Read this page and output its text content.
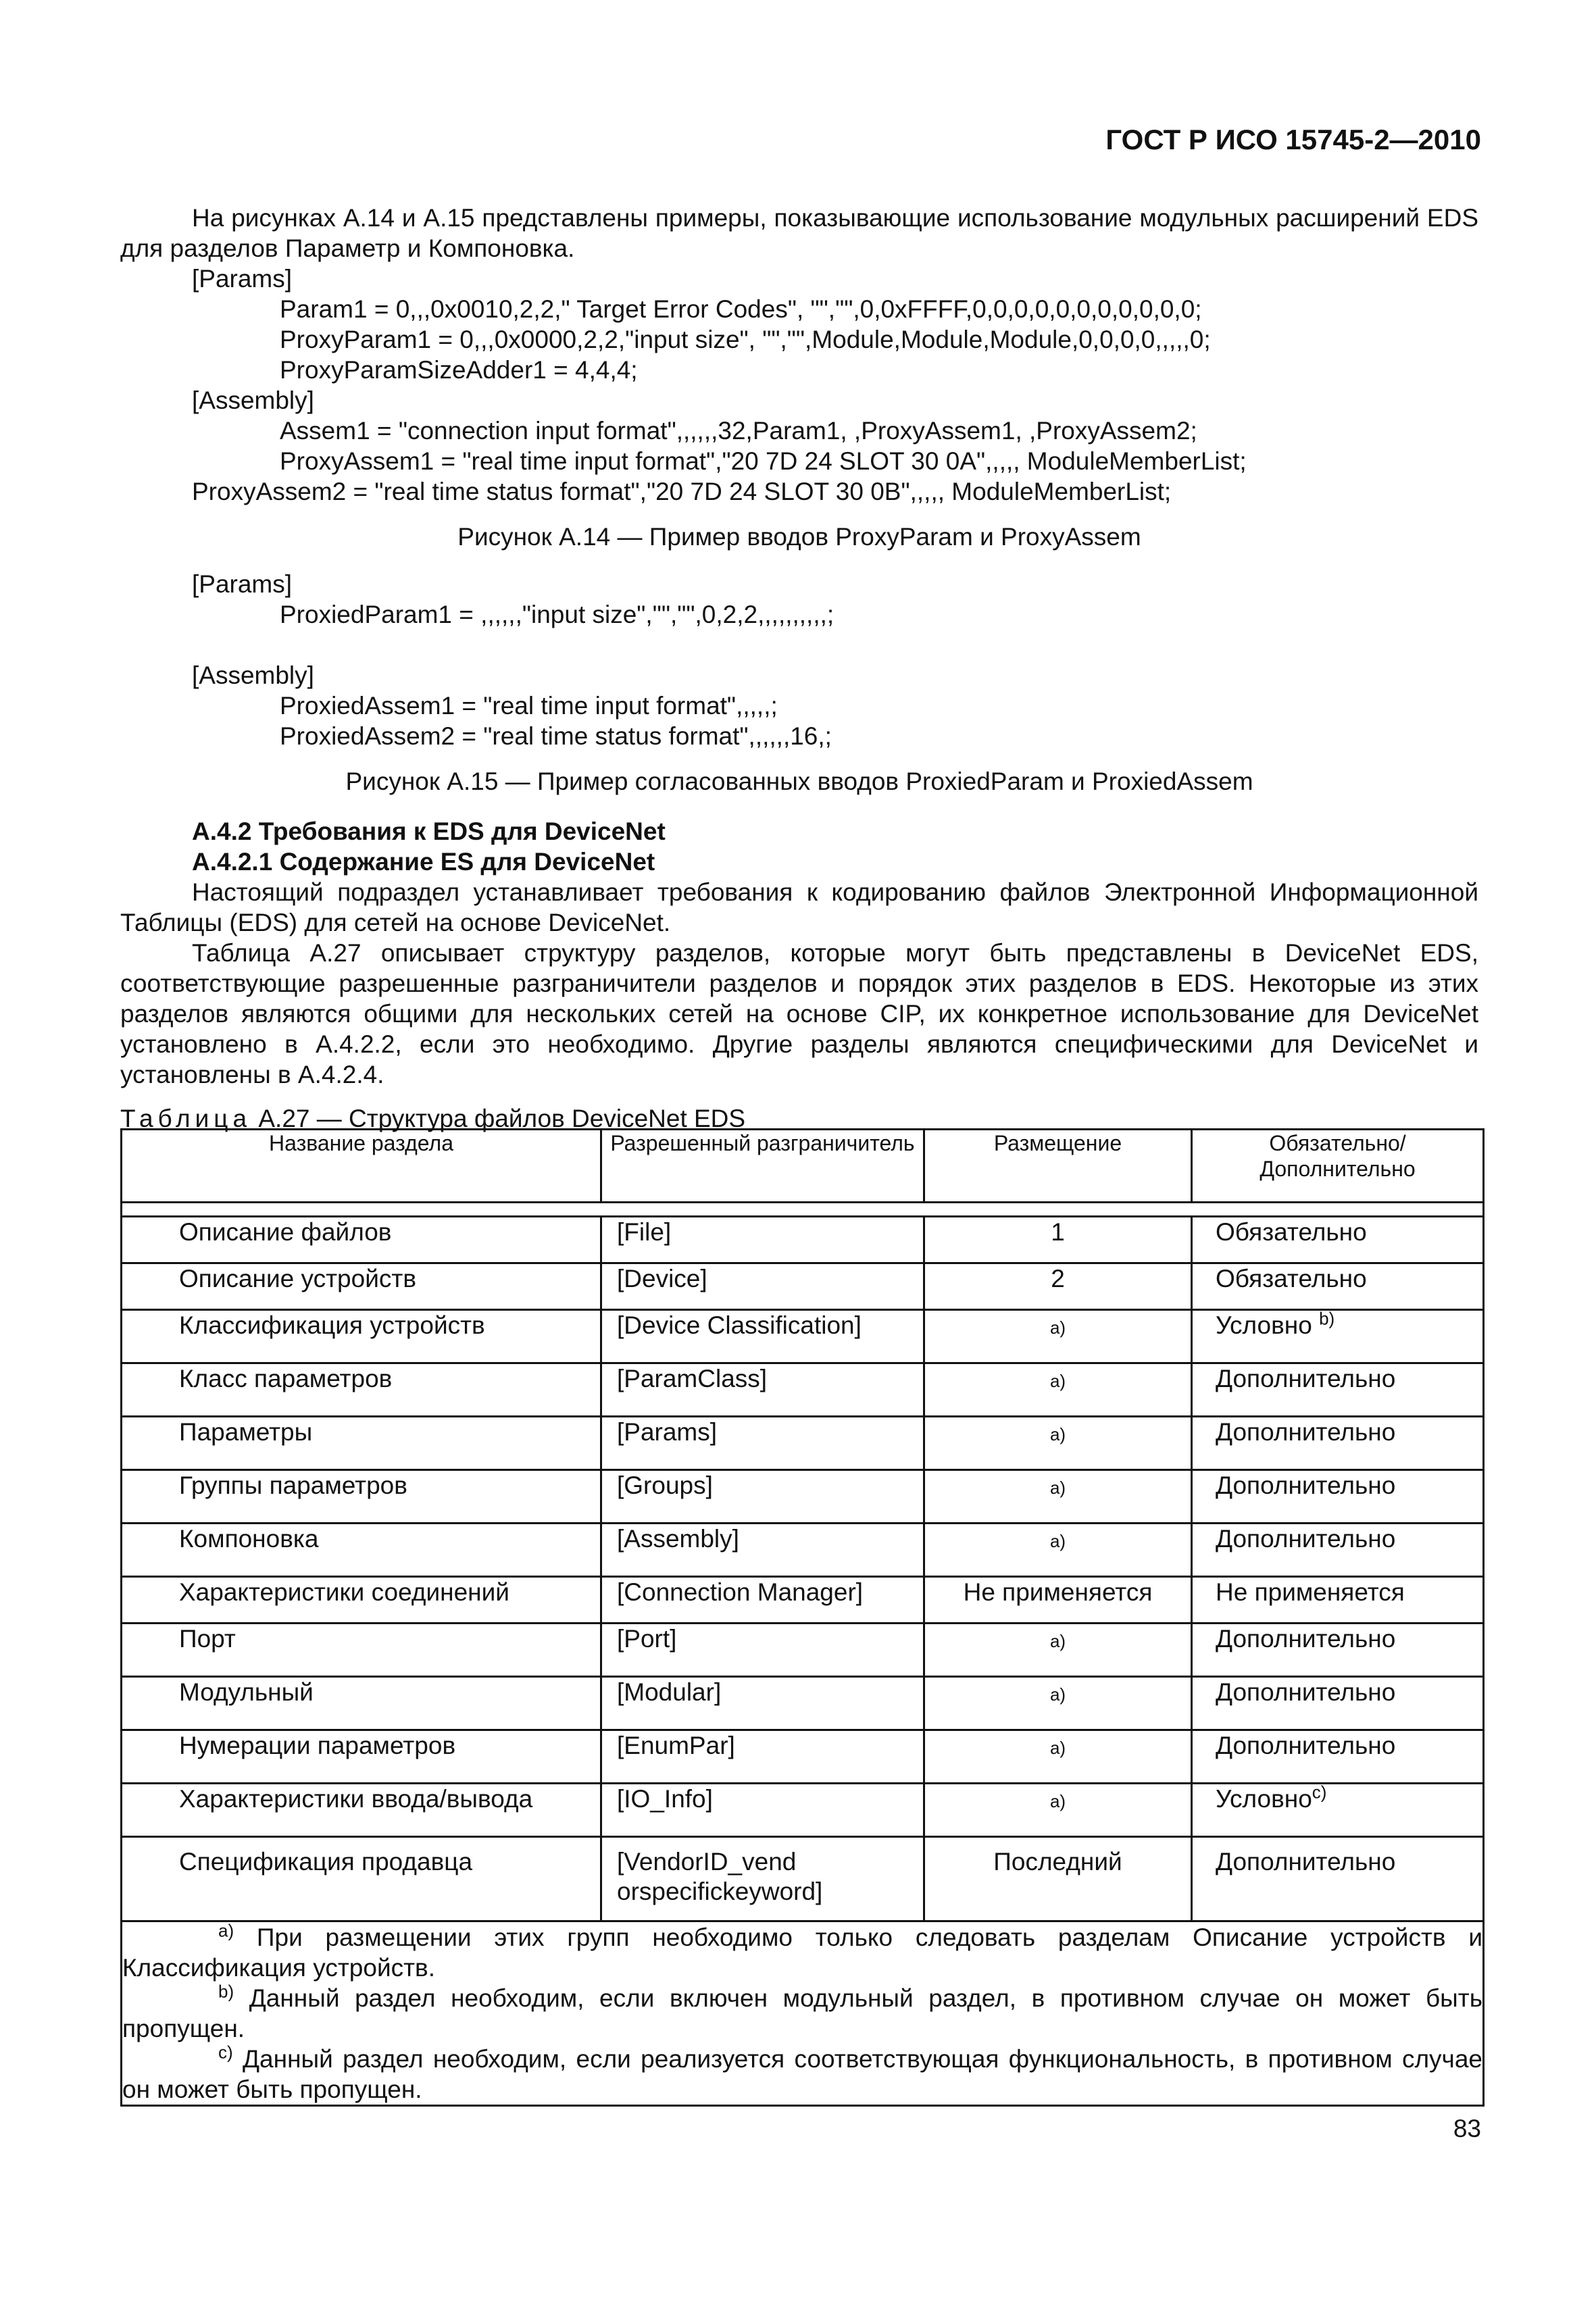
ГОСТ Р ИСО 15745-2—2010

На рисунках А.14 и А.15 представлены примеры, показывающие использование модульных расширений EDS для разделов Параметр и Компоновка.

[Params]

Param1 = 0,,,0x0010,2,2," Target Error Codes", "","",0,0xFFFF,0,0,0,0,0,0,0,0,0,0,0;

ProxyParam1 = 0,,,0x0000,2,2,"input size", "","",Module,Module,Module,0,0,0,0,,,,,0;

ProxyParamSizeAdder1 = 4,4,4;

[Assembly]

Assem1 = "connection input format",,,,,,32,Param1, ,ProxyAssem1, ,ProxyAssem2;

ProxyAssem1 = "real time input format","20 7D 24 SLOT 30 0A",,,,, ModuleMemberList;

ProxyAssem2 = "real time status format","20 7D 24 SLOT 30 0B",,,,, ModuleMemberList;

Рисунок А.14 — Пример вводов ProxyParam и ProxyAssem

[Params]

ProxiedParam1 = ,,,,,,"input size","","",0,2,2,,,,,,,,,,;

[Assembly]

ProxiedAssem1 = "real time input format",,,,,;

ProxiedAssem2 = "real time status format",,,,,,16,;

Рисунок А.15 — Пример согласованных вводов ProxiedParam и ProxiedAssem

А.4.2 Требования к EDS для DeviceNet

А.4.2.1 Содержание ES для DeviceNet

Настоящий подраздел устанавливает требования к кодированию файлов Электронной Информационной Таблицы (EDS) для сетей на основе DeviceNet.

Таблица А.27 описывает структуру разделов, которые могут быть представлены в DeviceNet EDS, соответствующие разрешенные разграничители разделов и порядок этих разделов в EDS. Некоторые из этих разделов являются общими для нескольких сетей на основе CIP, их конкретное использование для DeviceNet установлено в А.4.2.2, если это необходимо. Другие разделы являются специфическими для DeviceNet и установлены в А.4.2.4.

Таблица А.27 — Структура файлов DeviceNet EDS

Название раздела	Разрешенный разграничитель	Размещение	Обязательно/ Дополнительно

Описание файлов	[File]	1	Обязательно
Описание устройств	[Device]	2	Обязательно
Классификация устройств	[Device Classification]	а)	Условно $^{b)}$
Класс параметров	[ParamClass]	а)	Дополнительно
Параметры	[Params]	а)	Дополнительно
Группы параметров	[Groups]	а)	Дополнительно
Компоновка	[Assembly]	а)	Дополнительно
Характеристики соединений	[Connection Manager]	Не применяется	Не применяется
Порт	[Port]	а)	Дополнительно
Модульный	[Modular]	а)	Дополнительно
Нумерации параметров	[EnumPar]	а)	Дополнительно
Характеристики ввода/вывода	[IO_Info]	а)	Условно$^{c)}$
Спецификация продавца	[VendorID_vend orspecifickeyword]	Последний	Дополнительно

$^{а)}$ При размещении этих групп необходимо только следовать разделам Описание устройств и Классификация устройств.

$^{b)}$ Данный раздел необходим, если включен модульный раздел, в противном случае он может быть пропущен.

$^{c)}$ Данный раздел необходим, если реализуется соответствующая функциональность, в противном случае он может быть пропущен.			

83
